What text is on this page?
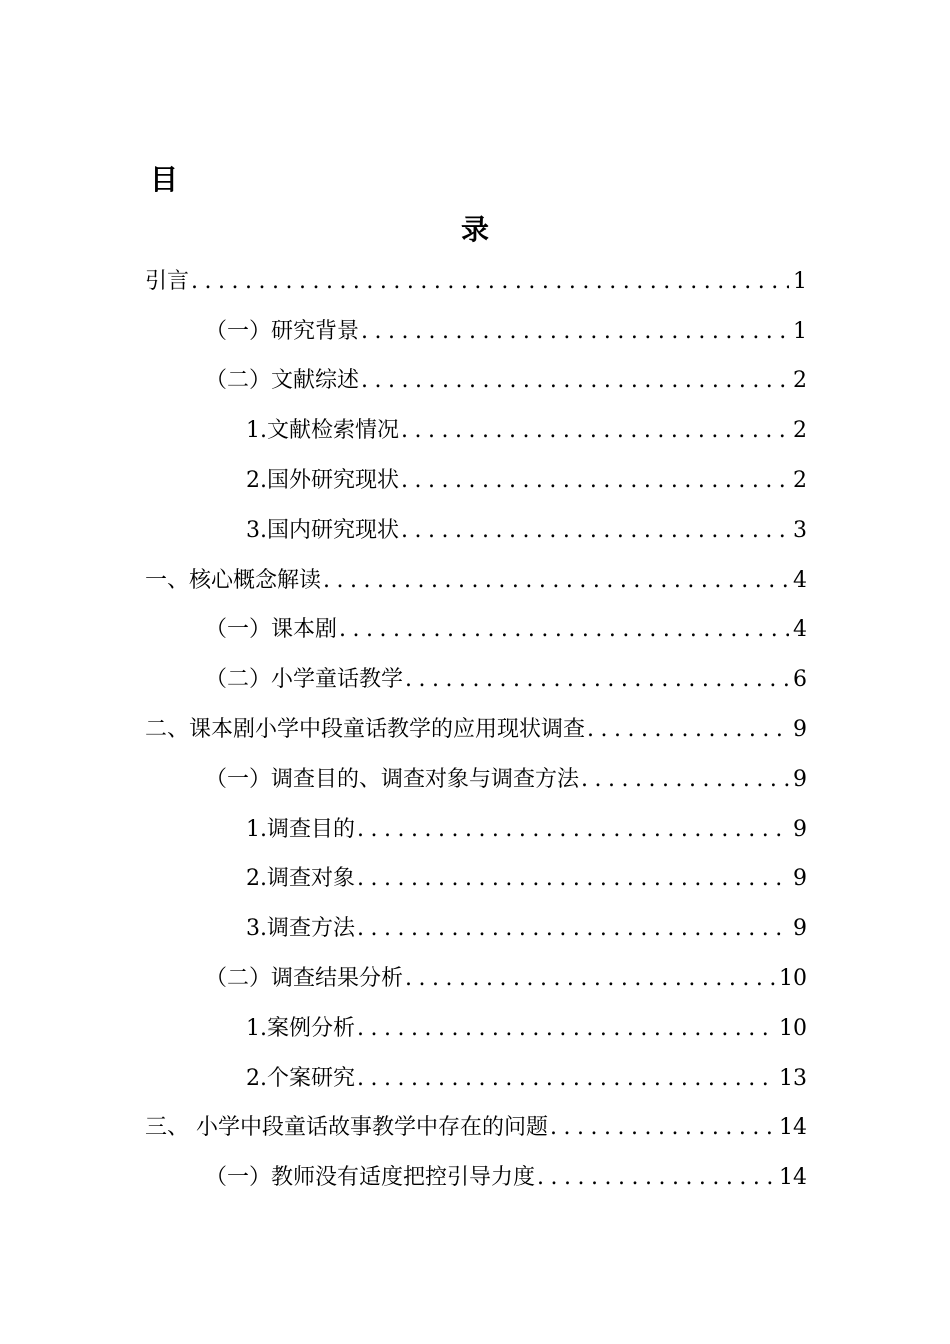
目
录
引言 .....	1
（一）研究背景 .....	1
（二）文献综述 .....	2
1.文献检索情况 .....	2
2.国外研究现状 .....	2
3.国内研究现状 .....	3
一、核心概念解读 .....	4
（一）课本剧 .....	4
（二）小学童话教学 .....	6
二、课本剧小学中段童话教学的应用现状调查 .....	9
（一）调查目的、调查对象与调查方法 .....	9
1.调查目的 .....	9
2.调查对象 .....	9
3.调查方法 .....	9
（二）调查结果分析 .....	10
1.案例分析 .....	10
2.个案研究 .....	13
三、 小学中段童话故事教学中存在的问题 .....	14
（一）教师没有适度把控引导力度 .....	14
